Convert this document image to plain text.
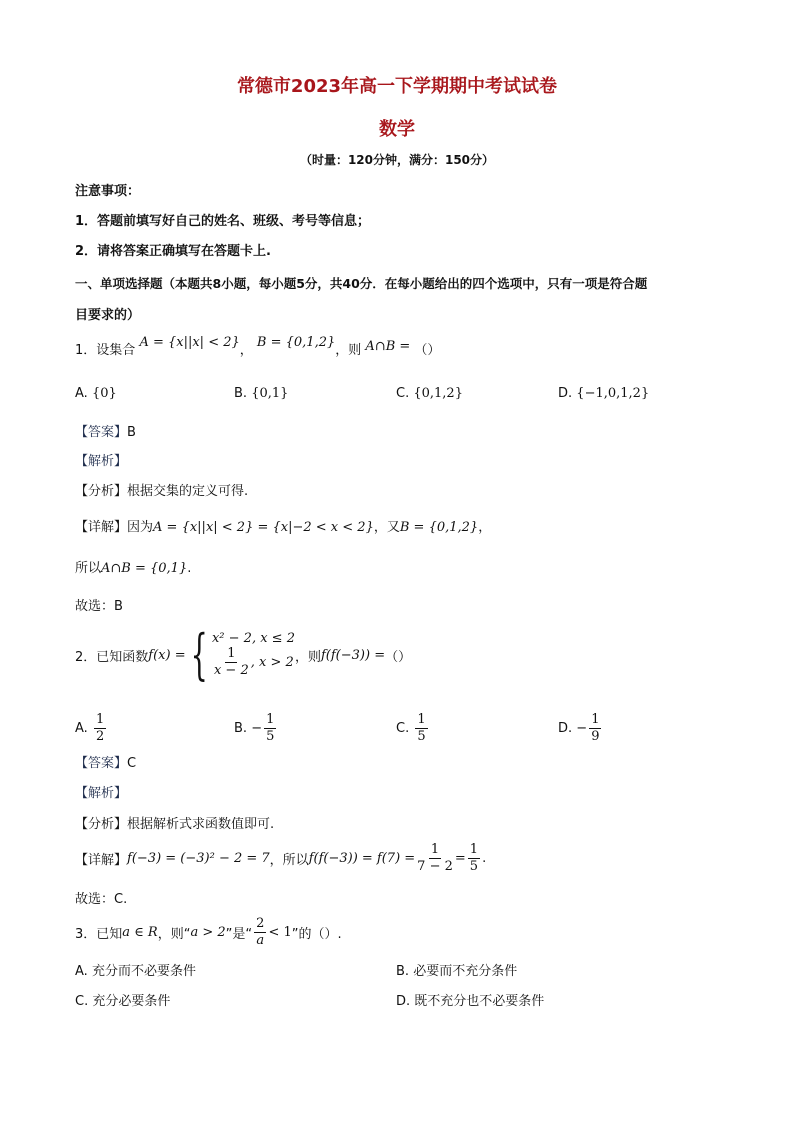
常德市2023年高一下学期期中考试试卷
数学
（时量：120分钟，满分：150分）
注意事项：
1．答题前填写好自己的姓名、班级、考号等信息；
2．请将答案正确填写在答题卡上.
一、单项选择题（本题共8小题，每小题5分，共40分．在每小题给出的四个选项中，只有一项是符合题
目要求的）
1．设集合 A = {x||x| < 2}， B = {0,1,2}，则 A∩B = （）
A. {0}	B. {0,1}	C. {0,1,2}	D. {−1,0,1,2}
【答案】B
【解析】
【分析】根据交集的定义可得.
【详解】因为A = {x||x| < 2} = {x|−2 < x < 2}，又B = {0,1,2}，
所以A∩B = {0,1}.
故选：B
2． 已知函数 f(x) = { x² − 2, x ≤ 2
$\frac{1}{x - 2}$ , x > 2 ，则 f(f(−3)) = （）
A. $\frac{1}{2}$	B. − $\frac{1}{5}$	C. $\frac{1}{5}$	D. − $\frac{1}{9}$
【答案】C
【解析】
【分析】根据解析式求函数值即可.
【详解】 f(−3) = (−3)² − 2 = 7 ，所以 $f(f(-3)) = f(7) = \frac{1}{7 - 2} = \frac{1}{5}$ .
故选：C.
3． 已知 a ∈ R ，则“ a > 2 ”是“ $\frac{2}{a} < 1$ ”的（）.
A. 充分而不必要条件	B. 必要而不充分条件
C. 充分必要条件	D. 既不充分也不必要条件
